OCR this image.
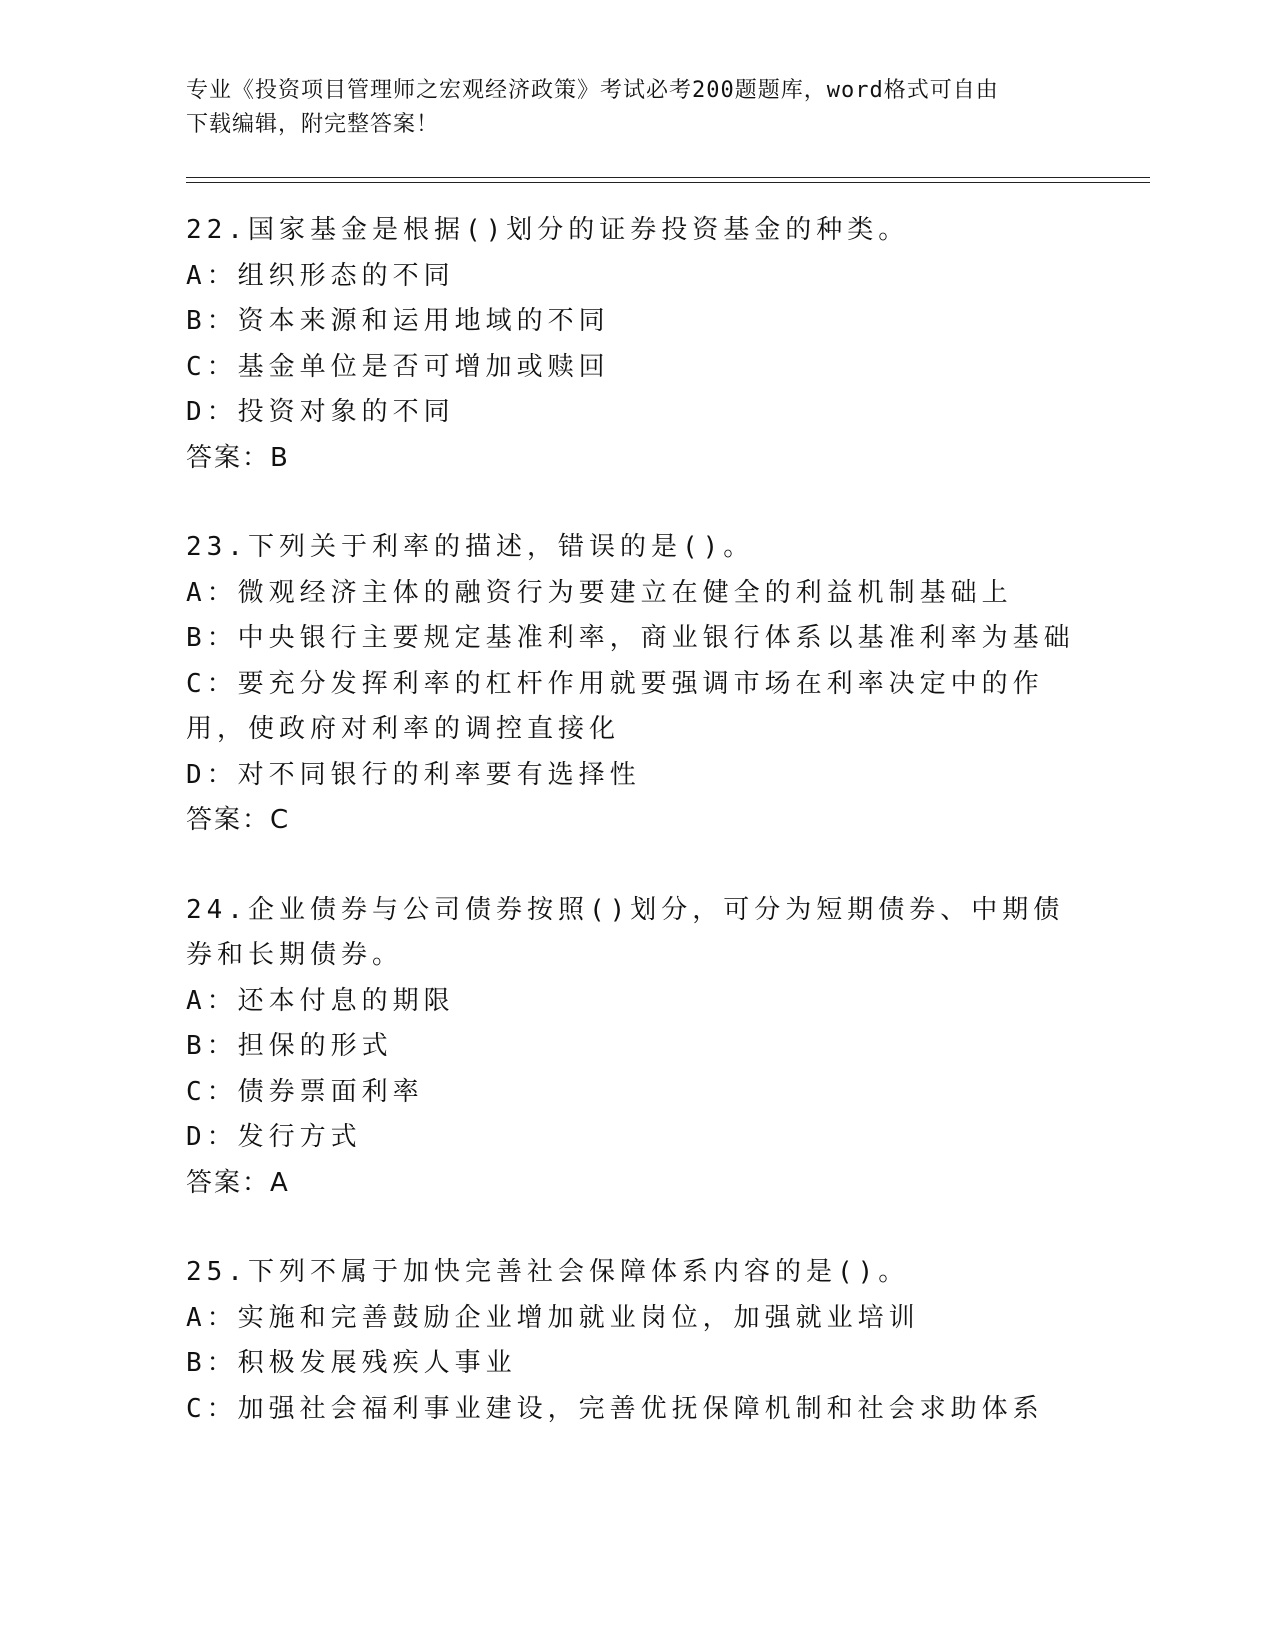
专业《投资项目管理师之宏观经济政策》考试必考200题题库，word格式可自由
下载编辑，附完整答案！
22.国家基金是根据()划分的证券投资基金的种类。
A：组织形态的不同
B：资本来源和运用地域的不同
C：基金单位是否可增加或赎回
D：投资对象的不同
答案：B
23.下列关于利率的描述，错误的是()。
A：微观经济主体的融资行为要建立在健全的利益机制基础上
B：中央银行主要规定基准利率，商业银行体系以基准利率为基础
C：要充分发挥利率的杠杆作用就要强调市场在利率决定中的作用，使政府对利率的调控直接化
D：对不同银行的利率要有选择性
答案：C
24.企业债券与公司债券按照()划分，可分为短期债券、中期债券和长期债券。
A：还本付息的期限
B：担保的形式
C：债券票面利率
D：发行方式
答案：A
25.下列不属于加快完善社会保障体系内容的是()。
A：实施和完善鼓励企业增加就业岗位，加强就业培训
B：积极发展残疾人事业
C：加强社会福利事业建设，完善优抚保障机制和社会求助体系
